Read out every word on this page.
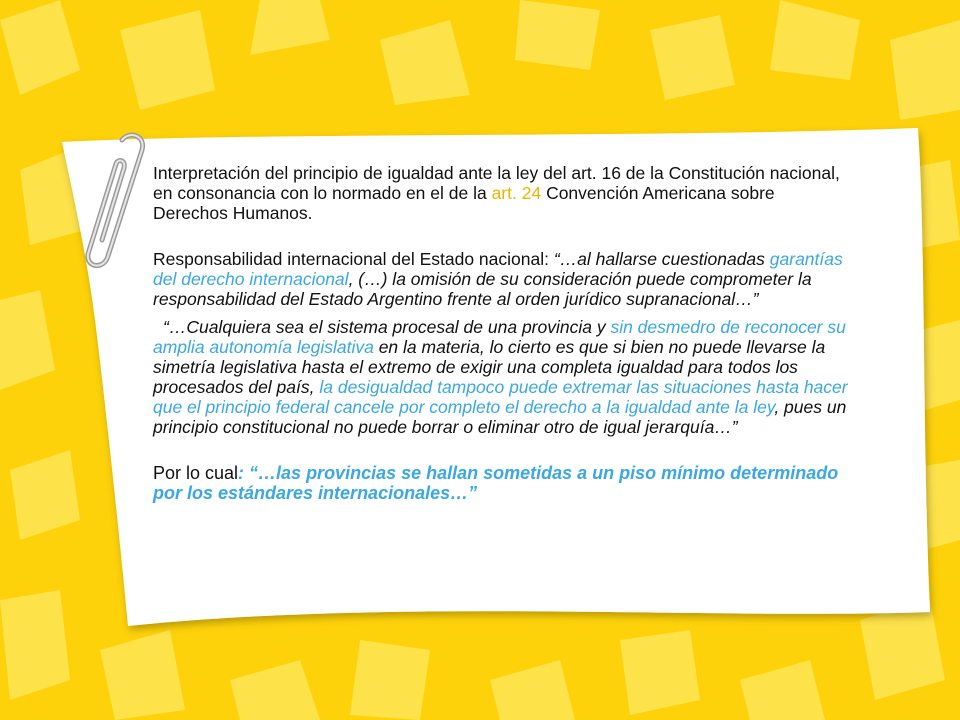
Interpretación del principio de igualdad ante la ley del art. 16 de la Constitución nacional, en consonancia con lo normado en el de la art. 24 Convención Americana sobre Derechos Humanos.

Responsabilidad internacional del Estado nacional: “…al hallarse cuestionadas garantías del derecho internacional, (…) la omisión de su consideración puede comprometer la responsabilidad del Estado Argentino frente al orden jurídico supranacional…”

“…Cualquiera sea el sistema procesal de una provincia y sin desmedro de reconocer su amplia autonomía legislativa en la materia, lo cierto es que si bien no puede llevarse la simetría legislativa hasta el extremo de exigir una completa igualdad para todos los procesados del país, la desigualdad tampoco puede extremar las situaciones hasta hacer que el principio federal cancele por completo el derecho a la igualdad ante la ley, pues un principio constitucional no puede borrar o eliminar otro de igual jerarquía…”

Por lo cual: “…las provincias se hallan sometidas a un piso mínimo determinado por los estándares internacionales…”
